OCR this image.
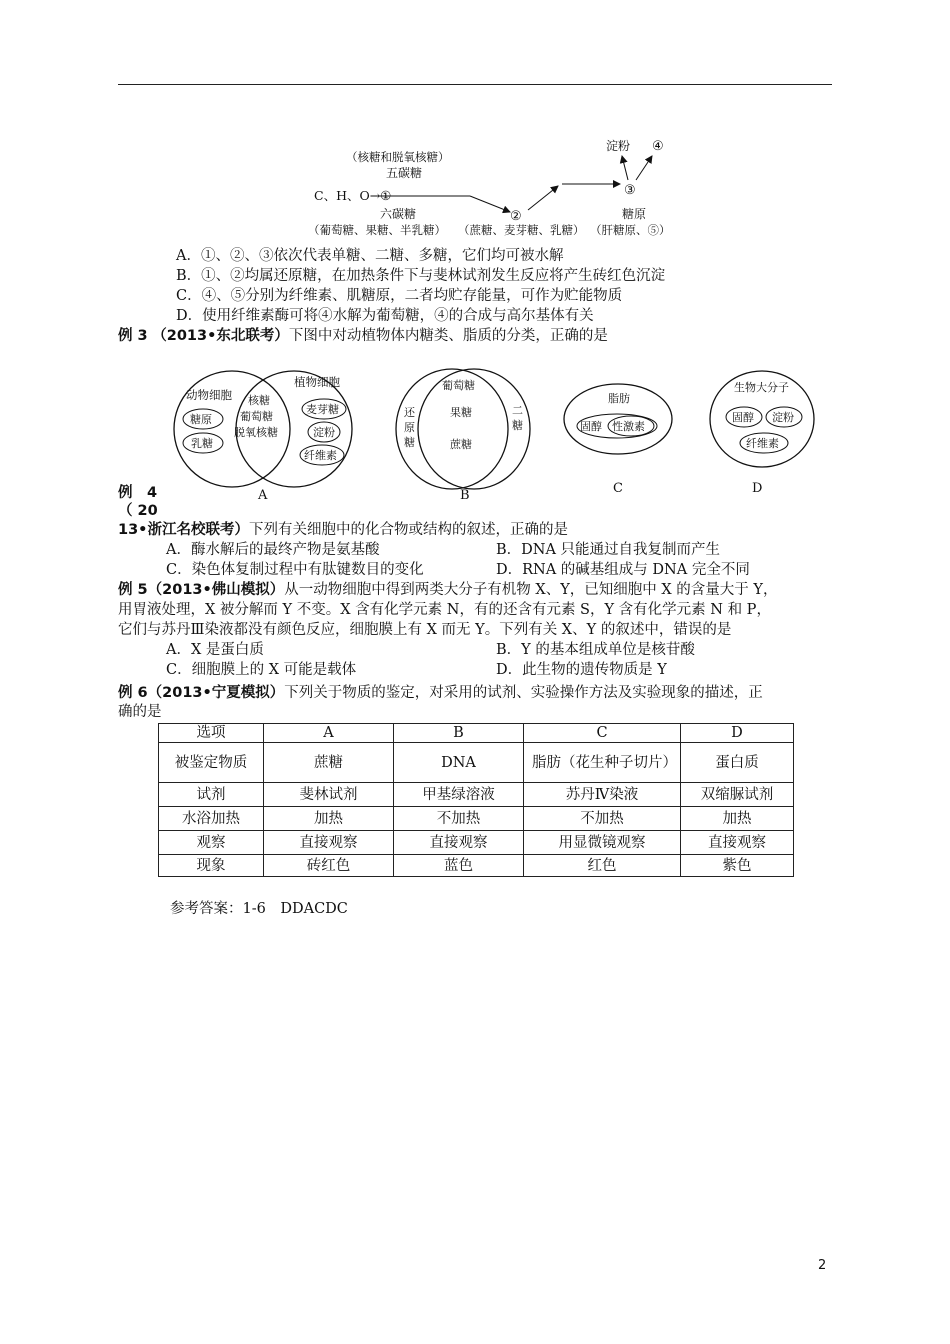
（核糖和脱氧核糖）
五碳糖
C、H、O→①
六碳糖
（葡萄糖、果糖、半乳糖）
②
（蔗糖、麦芽糖、乳糖）
淀粉 ④
③
糖原
（肝糖原、⑤）
A．①、②、③依次代表单糖、二糖、多糖，它们均可被水解
B．①、②均属还原糖，在加热条件下与斐林试剂发生反应将产生砖红色沉淀
C．④、⑤分别为纤维素、肌糖原，二者均贮存能量，可作为贮能物质
D．使用纤维素酶可将④水解为葡萄糖，④的合成与高尔基体有关
例 3 （2013•东北联考）下图中对动植物体内糖类、脂质的分类，正确的是
动物细胞
植物细胞
糖原
乳糖
核糖
葡萄糖
脱氧核糖
麦芽糖
淀粉
纤维素
A
还
原
糖
葡萄糖
果糖
蔗糖
二
糖
B
脂肪
固醇 性激素
C
生物大分子
固醇 淀粉
纤维素
D
例　4
（ 20
13•浙江名校联考）下列有关细胞中的化合物或结构的叙述，正确的是
A．酶水解后的最终产物是氨基酸	B．DNA 只能通过自我复制而产生
C．染色体复制过程中有肽键数目的变化	D．RNA 的碱基组成与 DNA 完全不同
例 5（2013•佛山模拟）从一动物细胞中得到两类大分子有机物 X、Y，已知细胞中 X 的含量大于 Y，
用胃液处理，X 被分解而 Y 不变。X 含有化学元素 N，有的还含有元素 S，Y 含有化学元素 N 和 P，
它们与苏丹Ⅲ染液都没有颜色反应，细胞膜上有 X 而无 Y。下列有关 X、Y 的叙述中，错误的是
A．X 是蛋白质	B．Y 的基本组成单位是核苷酸
C．细胞膜上的 X 可能是载体	D．此生物的遗传物质是 Y
例 6（2013•宁夏模拟）下列关于物质的鉴定，对采用的试剂、实验操作方法及实验现象的描述，正
确的是
选项	A	B	C	D
被鉴定物质	蔗糖	DNA	脂肪（花生种子切片）	蛋白质
试剂	斐林试剂	甲基绿溶液	苏丹Ⅳ染液	双缩脲试剂
水浴加热	加热	不加热	不加热	加热
观察	直接观察	直接观察	用显微镜观察	直接观察
现象	砖红色	蓝色	红色	紫色
参考答案：1-6　DDACDC
2
